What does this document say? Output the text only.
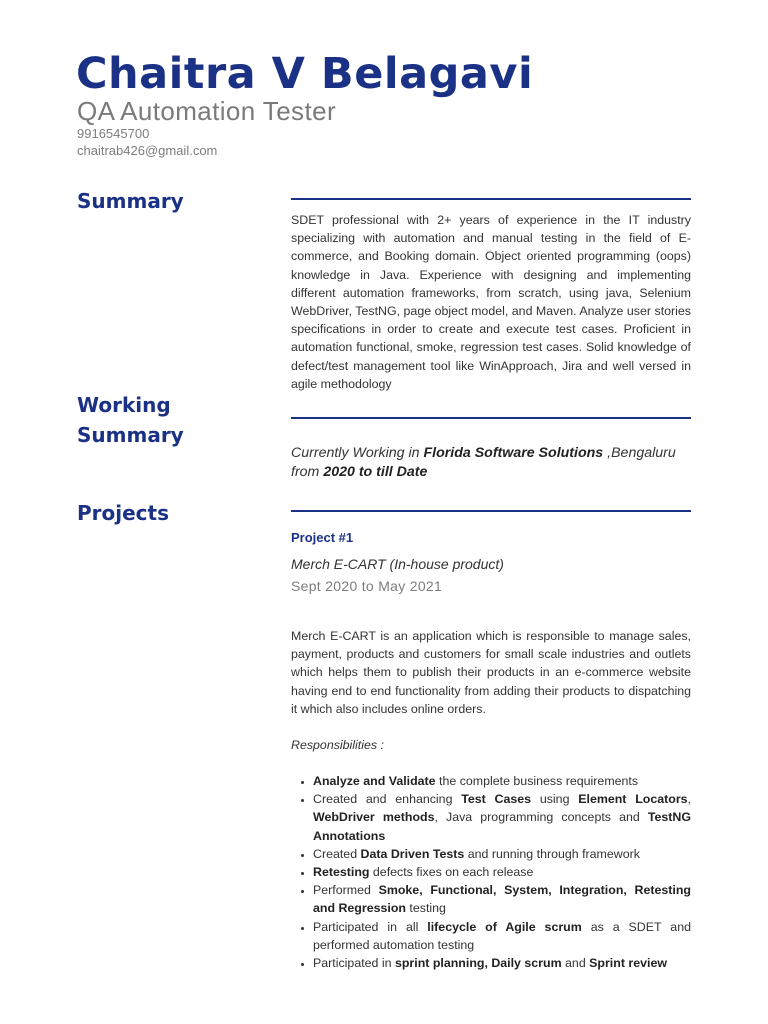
Chaitra V Belagavi
QA Automation Tester
9916545700
chaitrab426@gmail.com
Summary
SDET professional with 2+ years of experience in the IT industry specializing with automation and manual testing in the field of E-commerce, and Booking domain. Object oriented programming (oops) knowledge in Java. Experience with designing and implementing different automation frameworks, from scratch, using java, Selenium WebDriver, TestNG, page object model, and Maven. Analyze user stories specifications in order to create and execute test cases. Proficient in automation functional, smoke, regression test cases. Solid knowledge of defect/test management tool like WinApproach, Jira and well versed in agile methodology
Working
Summary
Currently Working in Florida Software Solutions ,Bengaluru
from 2020 to till Date
Projects
Project #1
Merch E-CART (In-house product)
Sept 2020 to May 2021
Merch E-CART is an application which is responsible to manage sales, payment, products and customers for small scale industries and outlets which helps them to publish their products in an e-commerce website having end to end functionality from adding their products to dispatching it which also includes online orders.
Responsibilities :
• Analyze and Validate the complete business requirements
• Created and enhancing Test Cases using Element Locators, WebDriver methods, Java programming concepts and TestNG Annotations
• Created Data Driven Tests and running through framework
• Retesting defects fixes on each release
• Performed Smoke, Functional, System, Integration, Retesting and Regression testing
• Participated in all lifecycle of Agile scrum as a SDET and performed automation testing
• Participated in sprint planning, Daily scrum and Sprint review
